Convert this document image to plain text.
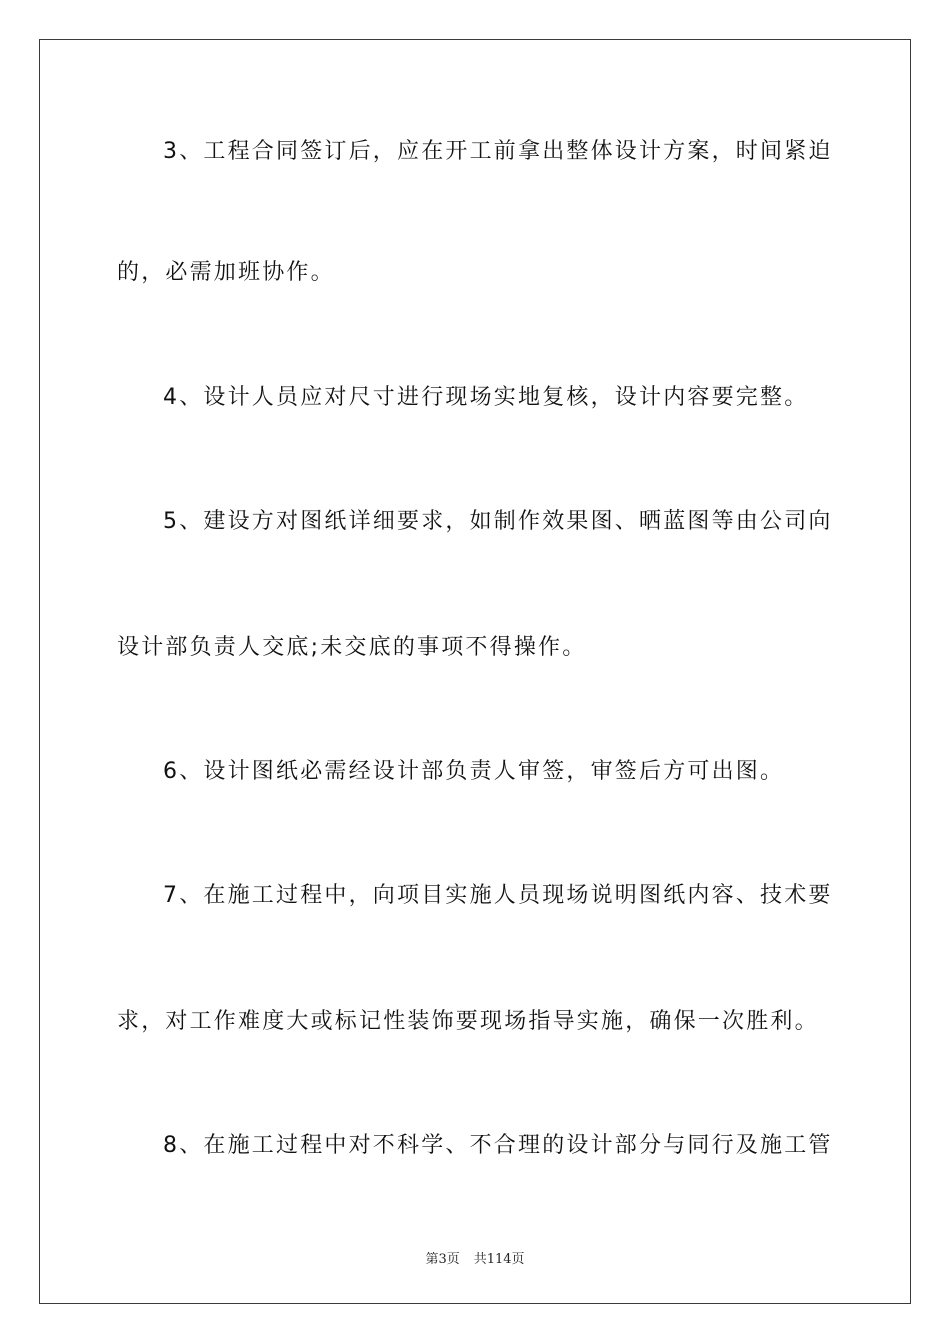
3、工程合同签订后，应在开工前拿出整体设计方案，时间紧迫
的，必需加班协作。
4、设计人员应对尺寸进行现场实地复核，设计内容要完整。
5、建设方对图纸详细要求，如制作效果图、晒蓝图等由公司向
设计部负责人交底;未交底的事项不得操作。
6、设计图纸必需经设计部负责人审签，审签后方可出图。
7、在施工过程中，向项目实施人员现场说明图纸内容、技术要
求，对工作难度大或标记性装饰要现场指导实施，确保一次胜利。
8、在施工过程中对不科学、不合理的设计部分与同行及施工管
第3页 共114页
